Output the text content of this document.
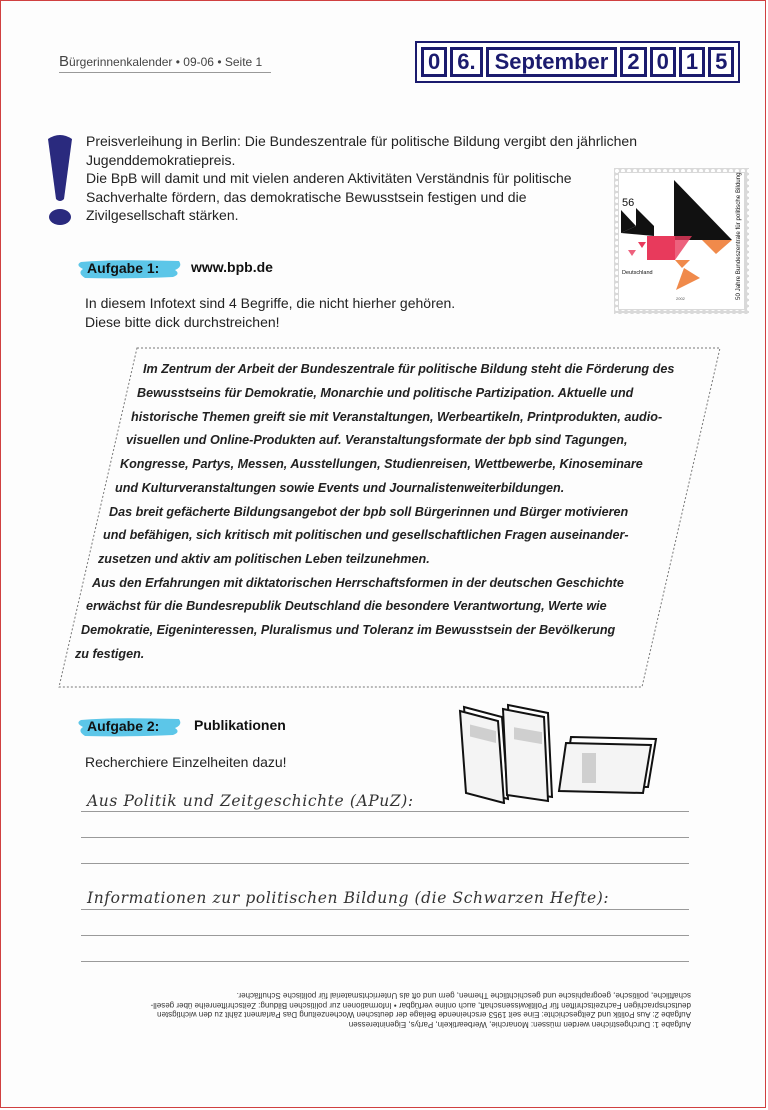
Bürgerinnenkalender • 09-06 • Seite 1	0 6. September 2 0 1 5

Preisverleihung in Berlin: Die Bundeszentrale für politische Bildung vergibt den jährlichen

Jugenddemokratiepreis.

Die BpB will damit und mit vielen anderen Aktivitäten Verständnis für politische

Sachverhalte fördern, das demokratische Bewusstsein festigen und die

Zivilgesellschaft stärken.

56
Deutschland
2002	50 Jahre Bundeszentrale für politische Bildung
Aufgabe 1: www.bpb.de
In diesem Infotext sind 4 Begriffe, die nicht hierher gehören.
Diese bitte dick durchstreichen!
Im Zentrum der Arbeit der Bundeszentrale für politische Bildung steht die Förderung des
Bewusstseins für Demokratie, Monarchie und politische Partizipation. Aktuelle und
historische Themen greift sie mit Veranstaltungen, Werbeartikeln, Printprodukten, audio-
visuellen und Online-Produkten auf. Veranstaltungsformate der bpb sind Tagungen,
Kongresse, Partys, Messen, Ausstellungen, Studienreisen, Wettbewerbe, Kinoseminare
und Kulturveranstaltungen sowie Events und Journalistenweiterbildungen.
Das breit gefächerte Bildungsangebot der bpb soll Bürgerinnen und Bürger motivieren
und befähigen, sich kritisch mit politischen und gesellschaftlichen Fragen auseinander-
zusetzen und aktiv am politischen Leben teilzunehmen.
Aus den Erfahrungen mit diktatorischen Herrschaftsformen in der deutschen Geschichte
erwächst für die Bundesrepublik Deutschland die besondere Verantwortung, Werte wie
Demokratie, Eigeninteressen, Pluralismus und Toleranz im Bewusstsein der Bevölkerung
zu festigen.
Aufgabe 2: Publikationen
Recherchiere Einzelheiten dazu!
Aus Politik und Zeitgeschichte (APuZ):
Informationen zur politischen Bildung (die Schwarzen Hefte):
Aufgabe 1: Durchgestrichen werden müssen: Monarchie, Werbeartikeln, Partys, Eigeninteressen
Aufgabe 2: Aus Politik und Zeitgeschichte: Eine seit 1953 erscheinende Beilage der deutschen Wochenzeitung Das Parlament zählt zu den wichtigsten
deutschsprachigen Fachzeitschriften für Politikwissenschaft, auch online verfügbar • Informationen zur politischen Bildung: Zeitschriftenreihe über gesell-
schaftliche, politische, geographische und geschichtliche Themen, gern und oft als Unterrichtsmaterial für politische Schulfächer.
